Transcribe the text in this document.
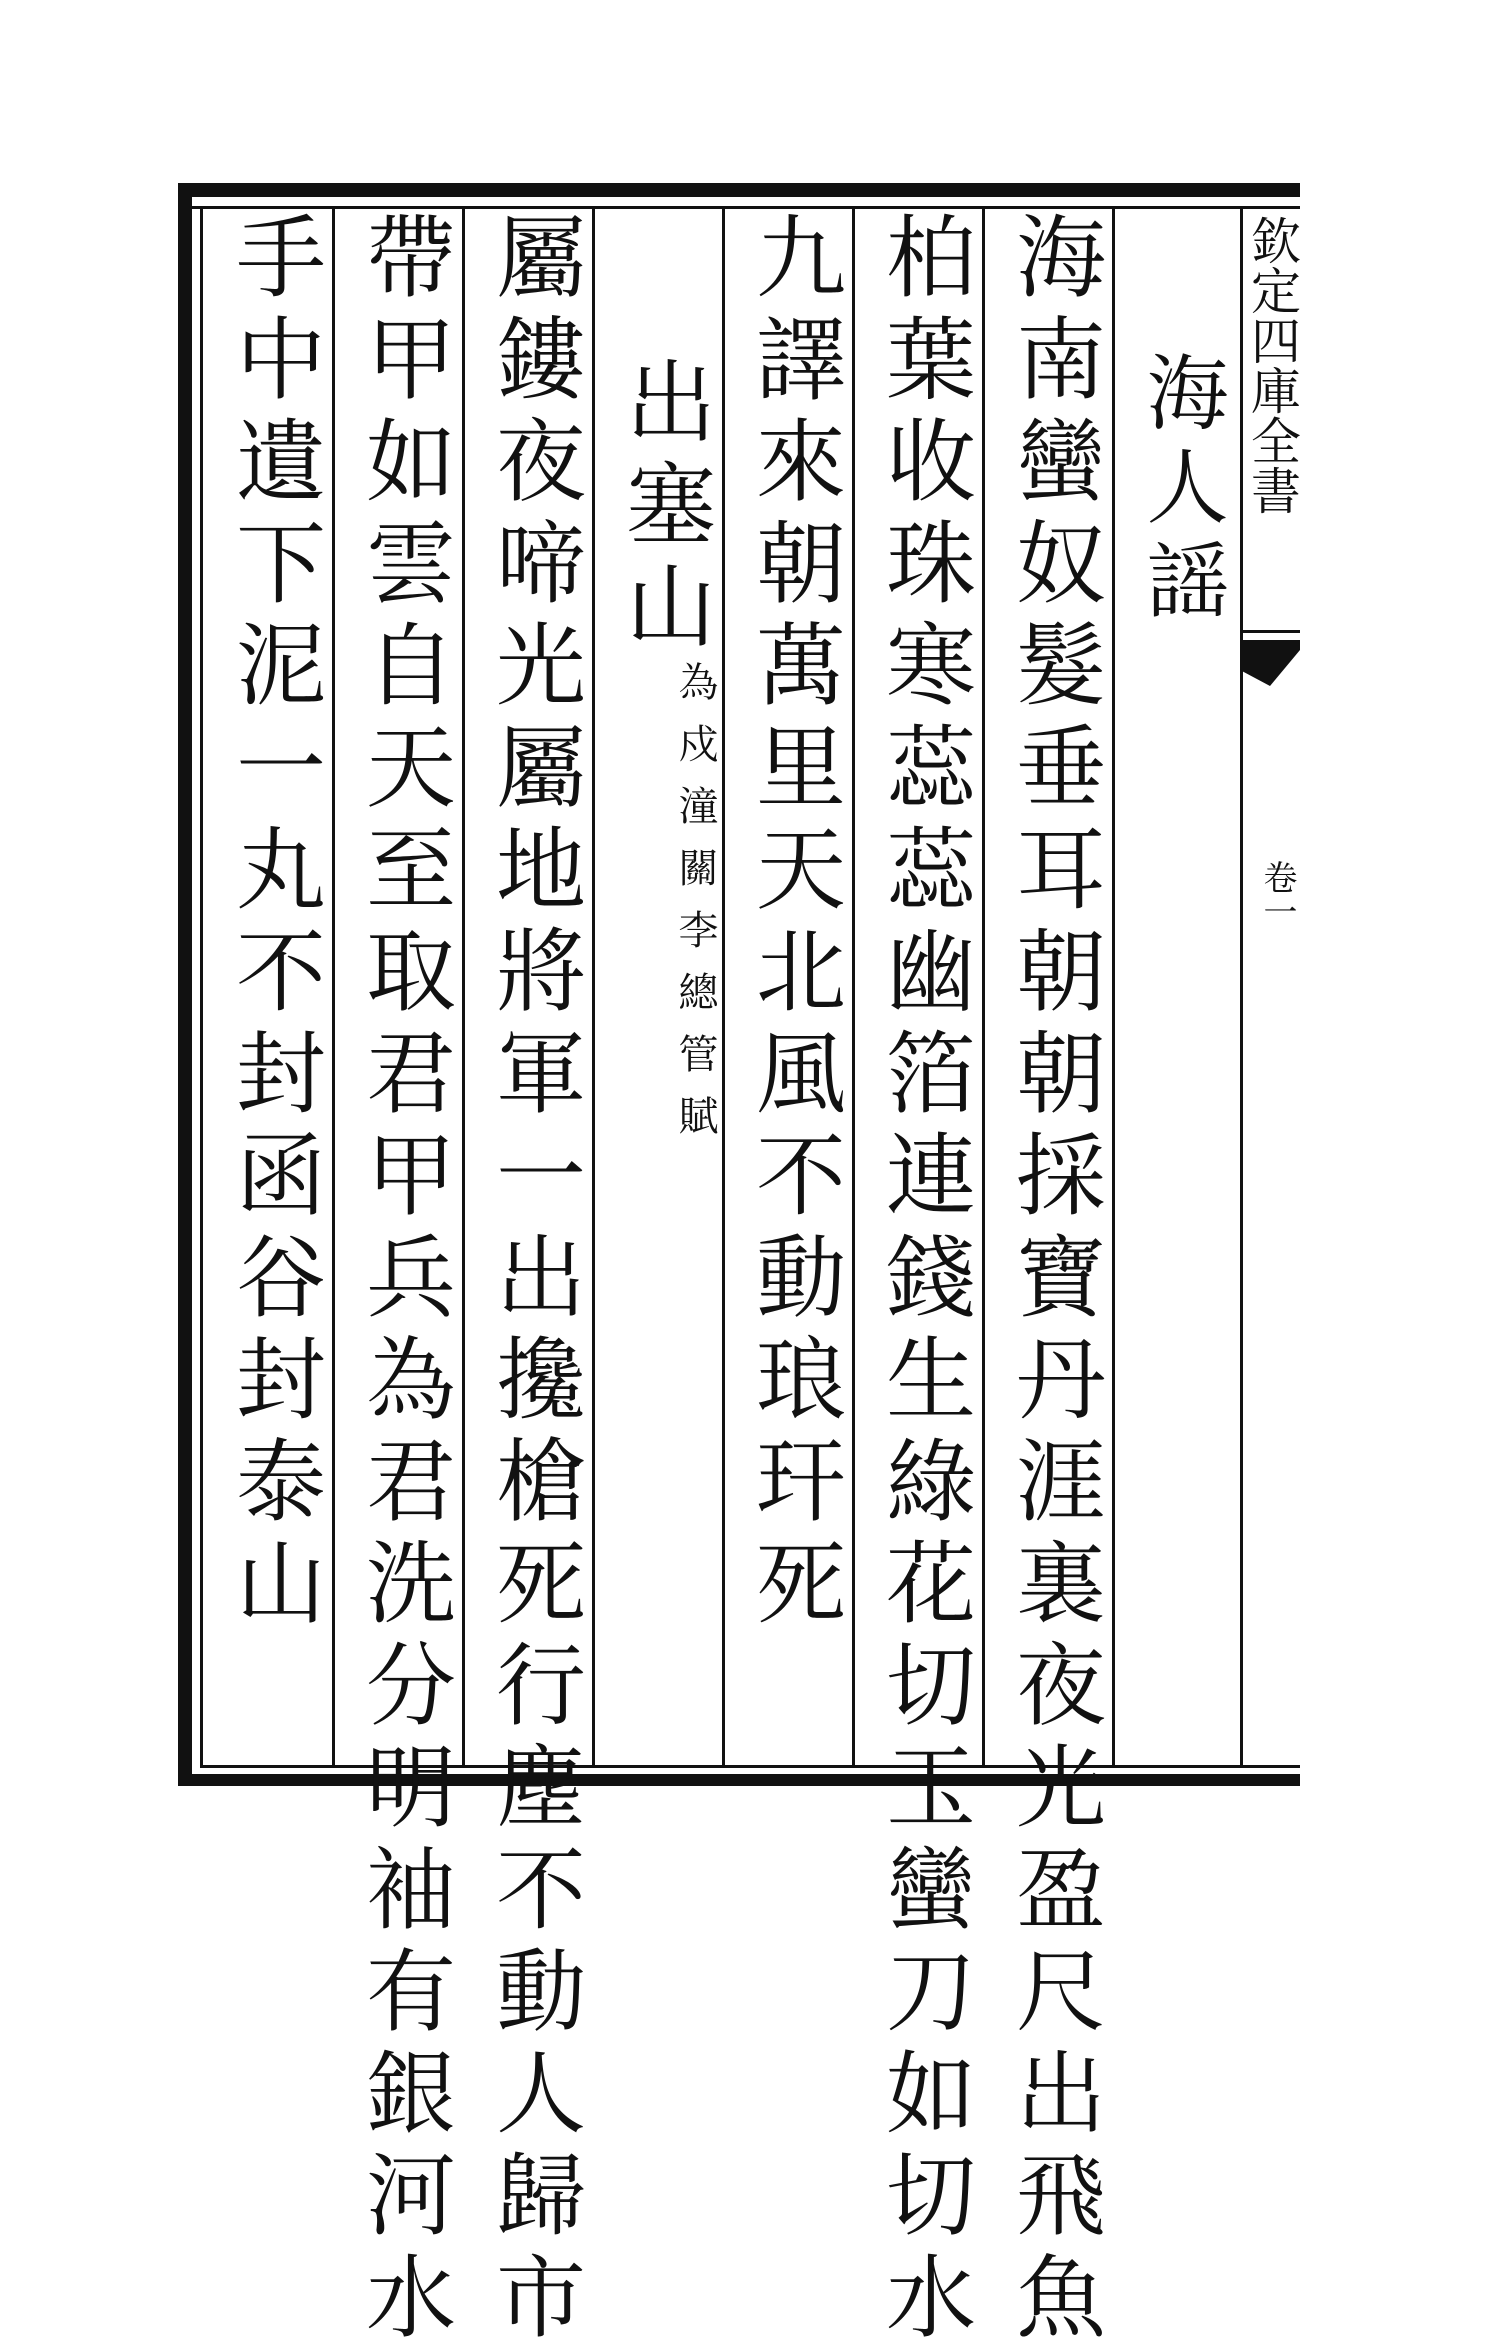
欽定四庫全書
卷一
海人謡
海南蠻奴髮垂耳朝朝採寶丹涯裏夜光盈尺出飛魚
柏葉收珠寒蕊蕊幽箔連錢生綠花切玉蠻刀如切水
九譯來朝萬里天北風不動琅玕死
出塞山為戍潼關李總管賦
屬鏤夜啼光屬地將軍一出攙槍死行塵不動人歸市
帶甲如雲自天至取君甲兵為君洗分明袖有銀河水
手中遺下泥一丸不封函谷封泰山
